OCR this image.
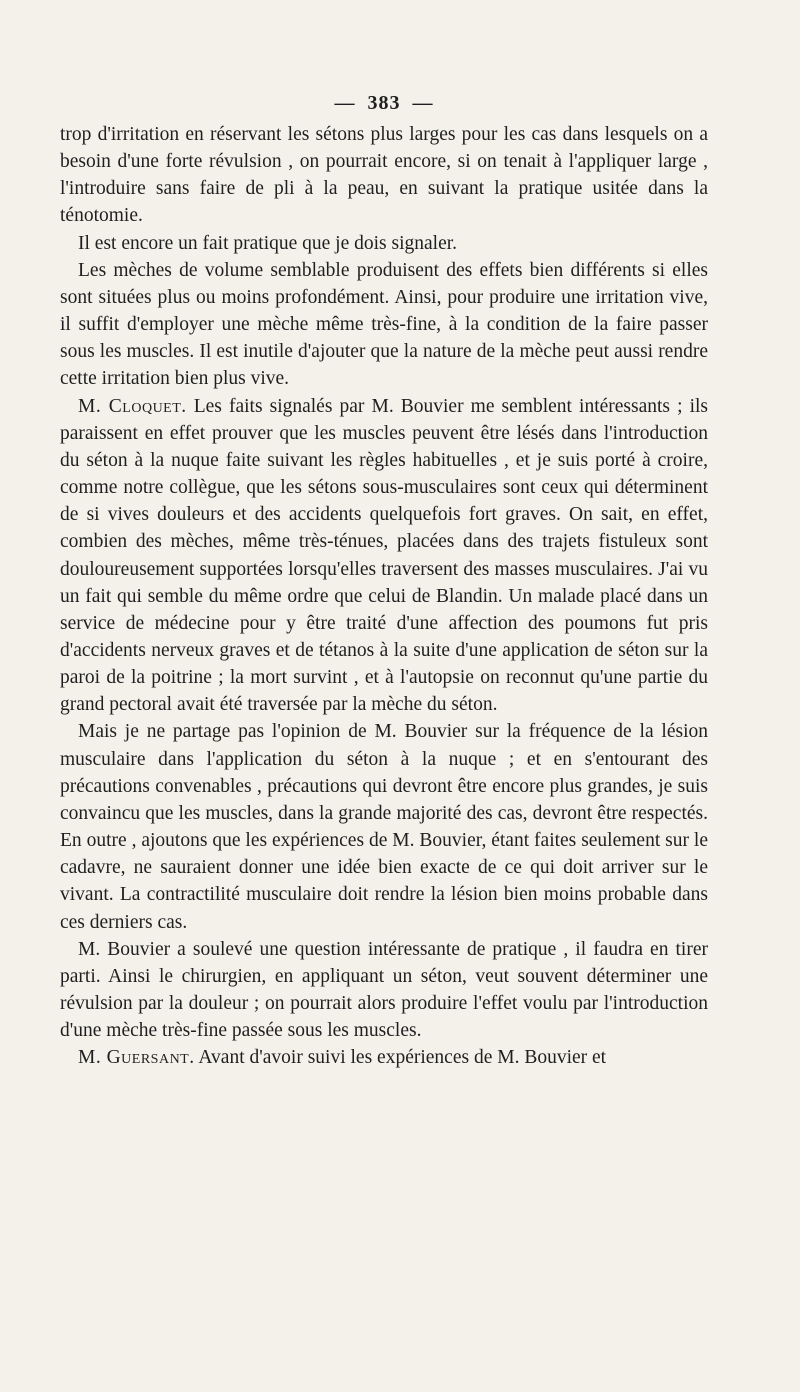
— 383 —

trop d'irritation en réservant les sétons plus larges pour les cas dans lesquels on a besoin d'une forte révulsion , on pourrait encore, si on tenait à l'appliquer large , l'introduire sans faire de pli à la peau, en suivant la pratique usitée dans la ténotomie.

Il est encore un fait pratique que je dois signaler.

Les mèches de volume semblable produisent des effets bien différents si elles sont situées plus ou moins profondément. Ainsi, pour produire une irritation vive, il suffit d'employer une mèche même très-fine, à la condition de la faire passer sous les muscles. Il est inutile d'ajouter que la nature de la mèche peut aussi rendre cette irritation bien plus vive.

M. Cloquet. Les faits signalés par M. Bouvier me semblent intéressants ; ils paraissent en effet prouver que les muscles peuvent être lésés dans l'introduction du séton à la nuque faite suivant les règles habituelles , et je suis porté à croire, comme notre collègue, que les sétons sous-musculaires sont ceux qui déterminent de si vives douleurs et des accidents quelquefois fort graves. On sait, en effet, combien des mèches, même très-ténues, placées dans des trajets fistuleux sont douloureusement supportées lorsqu'elles traversent des masses musculaires. J'ai vu un fait qui semble du même ordre que celui de Blandin. Un malade placé dans un service de médecine pour y être traité d'une affection des poumons fut pris d'accidents nerveux graves et de tétanos à la suite d'une application de séton sur la paroi de la poitrine ; la mort survint , et à l'autopsie on reconnut qu'une partie du grand pectoral avait été traversée par la mèche du séton.

Mais je ne partage pas l'opinion de M. Bouvier sur la fréquence de la lésion musculaire dans l'application du séton à la nuque ; et en s'entourant des précautions convenables , précautions qui devront être encore plus grandes, je suis convaincu que les muscles, dans la grande majorité des cas, devront être respectés. En outre , ajoutons que les expériences de M. Bouvier, étant faites seulement sur le cadavre, ne sauraient donner une idée bien exacte de ce qui doit arriver sur le vivant. La contractilité musculaire doit rendre la lésion bien moins probable dans ces derniers cas.

M. Bouvier a soulevé une question intéressante de pratique , il faudra en tirer parti. Ainsi le chirurgien, en appliquant un séton, veut souvent déterminer une révulsion par la douleur ; on pourrait alors produire l'effet voulu par l'introduction d'une mèche très-fine passée sous les muscles.

M. Guersant. Avant d'avoir suivi les expériences de M. Bouvier et
